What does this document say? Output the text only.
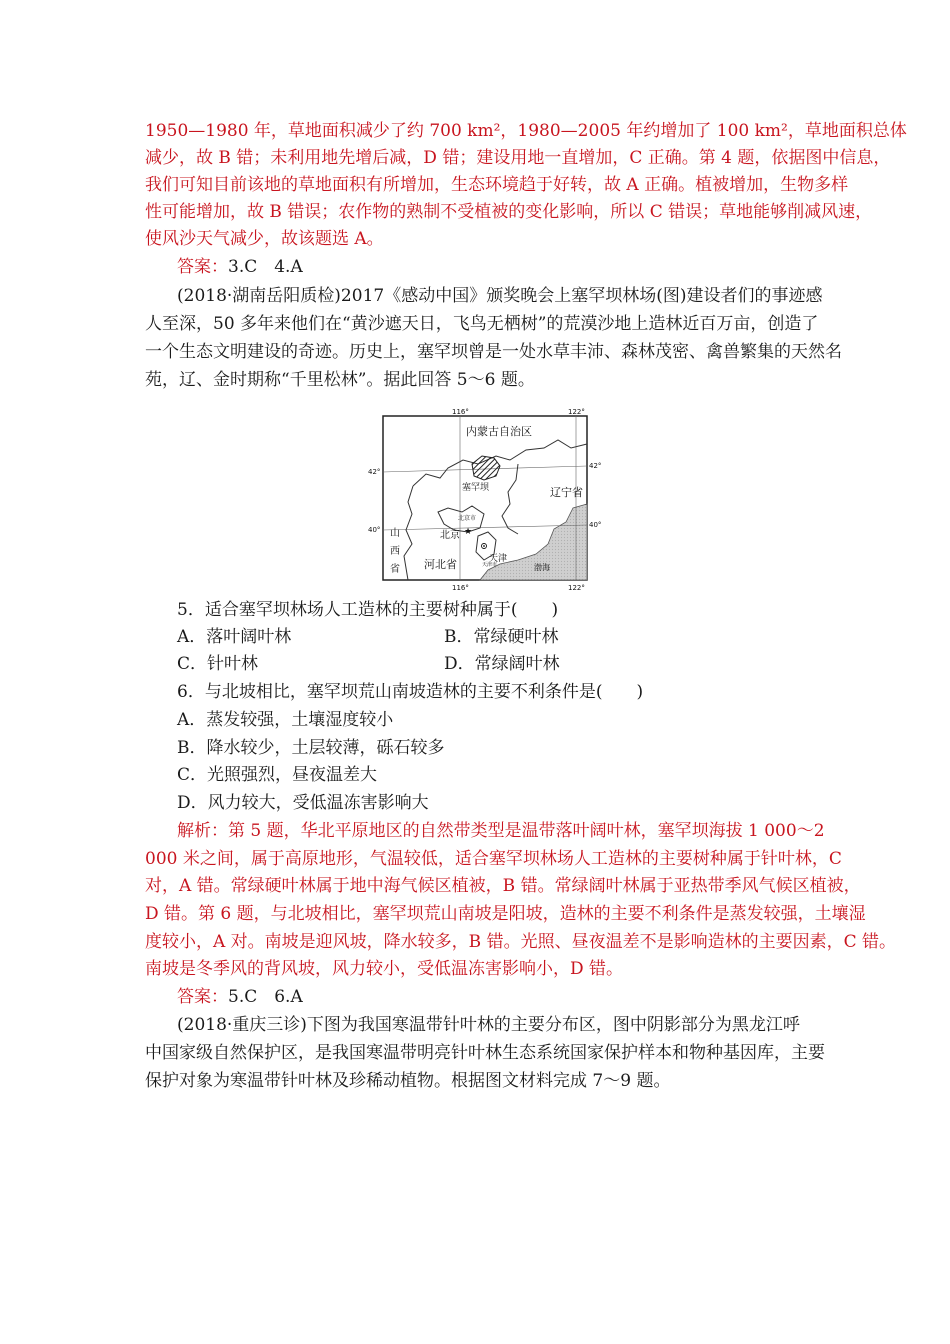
1950—1980 年，草地面积减少了约 700 km²，1980—2005 年约增加了 100 km²，草地面积总体
减少，故 B 错；未利用地先增后减，D 错；建设用地一直增加，C 正确。第 4 题，依据图中信息，
我们可知目前该地的草地面积有所增加，生态环境趋于好转，故 A 正确。植被增加，生物多样
性可能增加，故 B 错误；农作物的熟制不受植被的变化影响，所以 C 错误；草地能够削减风速，
使风沙天气减少，故该题选 A。
答案：3.C　4.A
(2018·湖南岳阳质检)2017《感动中国》颁奖晚会上塞罕坝林场(图)建设者们的事迹感
人至深，50 多年来他们在“黄沙遮天日，飞鸟无栖树”的荒漠沙地上造林近百万亩，创造了
一个生态文明建设的奇迹。历史上，塞罕坝曾是一处水草丰沛、森林茂密、禽兽繁集的天然名
苑，辽、金时期称“千里松林”。据此回答 5～6 题。
★
116°	122°
116°	122°
42°
40°
42°
40°
内蒙古自治区
塞罕坝	辽宁省
北京市
北京
山
西
省 河北省	天津
天津市	渤海
5．适合塞罕坝林场人工造林的主要树种属于(　　)
A．落叶阔叶林	B．常绿硬叶林
C．针叶林	D．常绿阔叶林
6．与北坡相比，塞罕坝荒山南坡造林的主要不利条件是(　　)
A．蒸发较强，土壤湿度较小
B．降水较少，土层较薄，砾石较多
C．光照强烈，昼夜温差大
D．风力较大，受低温冻害影响大
解析：第 5 题，华北平原地区的自然带类型是温带落叶阔叶林，塞罕坝海拔 1 000～2
000 米之间，属于高原地形，气温较低，适合塞罕坝林场人工造林的主要树种属于针叶林，C
对，A 错。常绿硬叶林属于地中海气候区植被，B 错。常绿阔叶林属于亚热带季风气候区植被，
D 错。第 6 题，与北坡相比，塞罕坝荒山南坡是阳坡，造林的主要不利条件是蒸发较强，土壤湿
度较小，A 对。南坡是迎风坡，降水较多，B 错。光照、昼夜温差不是影响造林的主要因素，C 错。
南坡是冬季风的背风坡，风力较小，受低温冻害影响小，D 错。
答案：5.C　6.A
(2018·重庆三诊)下图为我国寒温带针叶林的主要分布区，图中阴影部分为黑龙江呼
中国家级自然保护区，是我国寒温带明亮针叶林生态系统国家保护样本和物种基因库，主要
保护对象为寒温带针叶林及珍稀动植物。根据图文材料完成 7～9 题。
